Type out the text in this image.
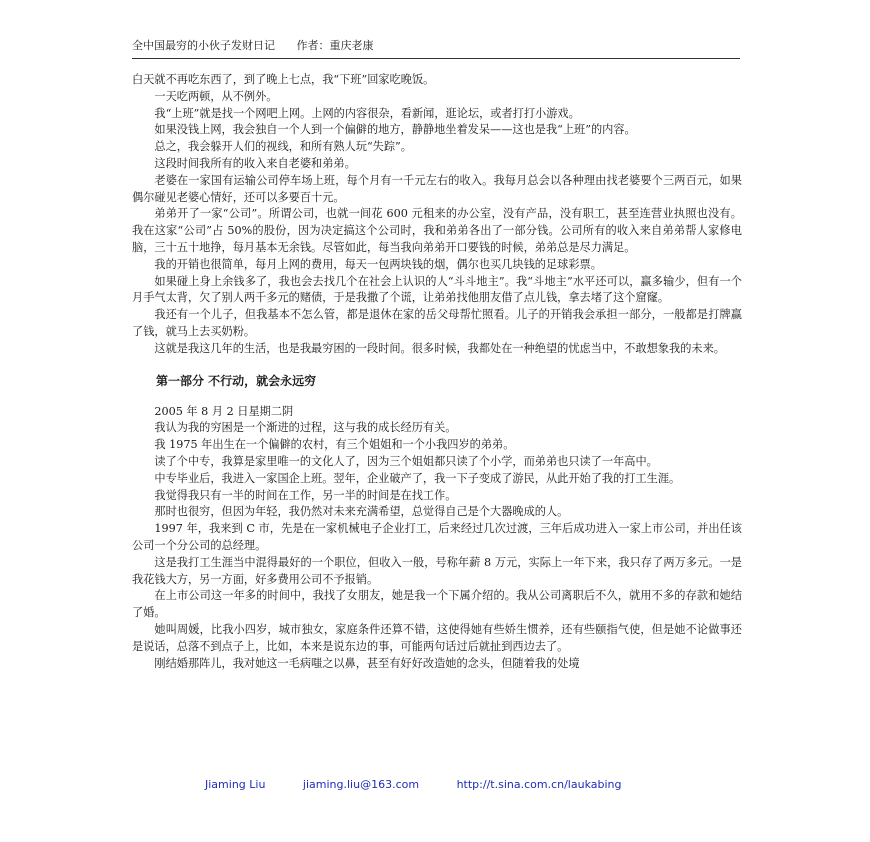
全中国最穷的小伙子发财日记 作者：重庆老康

白天就不再吃东西了，到了晚上七点，我“下班”回家吃晚饭。

一天吃两顿，从不例外。

我“上班”就是找一个网吧上网。上网的内容很杂，看新闻，逛论坛，或者打打小游戏。

如果没钱上网，我会独自一个人到一个偏僻的地方，静静地坐着发呆——这也是我“上班”的内容。

总之，我会躲开人们的视线，和所有熟人玩“失踪”。

这段时间我所有的收入来自老婆和弟弟。

老婆在一家国有运输公司停车场上班，每个月有一千元左右的收入。我每月总会以各种理由找老婆要个三两百元，如果偶尔碰见老婆心情好，还可以多要百十元。

弟弟开了一家“公司”。所谓公司，也就一间花 600 元租来的办公室，没有产品，没有职工，甚至连营业执照也没有。我在这家“公司”占 50%的股份，因为决定搞这个公司时，我和弟弟各出了一部分钱。公司所有的收入来自弟弟帮人家修电脑，三十五十地挣，每月基本无余钱。尽管如此，每当我向弟弟开口要钱的时候，弟弟总是尽力满足。

我的开销也很简单，每月上网的费用，每天一包两块钱的烟，偶尔也买几块钱的足球彩票。

如果碰上身上余钱多了，我也会去找几个在社会上认识的人“斗斗地主”。我“斗地主”水平还可以，赢多输少，但有一个月手气太背，欠了别人两千多元的赌债，于是我撒了个谎，让弟弟找他朋友借了点儿钱，拿去堵了这个窟窿。

我还有一个儿子，但我基本不怎么管，都是退休在家的岳父母帮忙照看。儿子的开销我会承担一部分，一般都是打牌赢了钱，就马上去买奶粉。

这就是我这几年的生活，也是我最穷困的一段时间。很多时候，我都处在一种绝望的忧虑当中，不敢想象我的未来。

第一部分 不行动，就会永远穷

2005 年 8 月 2 日星期二阴

我认为我的穷困是一个渐进的过程，这与我的成长经历有关。

我 1975 年出生在一个偏僻的农村，有三个姐姐和一个小我四岁的弟弟。

读了个中专，我算是家里唯一的文化人了，因为三个姐姐都只读了个小学，而弟弟也只读了一年高中。

中专毕业后，我进入一家国企上班。翌年，企业破产了，我一下子变成了游民，从此开始了我的打工生涯。

我觉得我只有一半的时间在工作，另一半的时间是在找工作。

那时也很穷，但因为年轻，我仍然对未来充满希望，总觉得自己是个大器晚成的人。

1997 年，我来到 C 市，先是在一家机械电子企业打工，后来经过几次过渡，三年后成功进入一家上市公司，并出任该公司一个分公司的总经理。

这是我打工生涯当中混得最好的一个职位，但收入一般，号称年薪 8 万元，实际上一年下来，我只存了两万多元。一是我花钱大方，另一方面，好多费用公司不予报销。

在上市公司这一年多的时间中，我找了女朋友，她是我一个下属介绍的。我从公司离职后不久，就用不多的存款和她结了婚。

她叫周媛，比我小四岁，城市独女，家庭条件还算不错，这使得她有些娇生惯养，还有些颐指气使，但是她不论做事还是说话，总落不到点子上，比如，本来是说东边的事，可能两句话过后就扯到西边去了。

刚结婚那阵儿，我对她这一毛病嗤之以鼻，甚至有好好改造她的念头，但随着我的处境

Jiaming Liu	jiaming.liu@163.com	http://t.sina.com.cn/laukabing
